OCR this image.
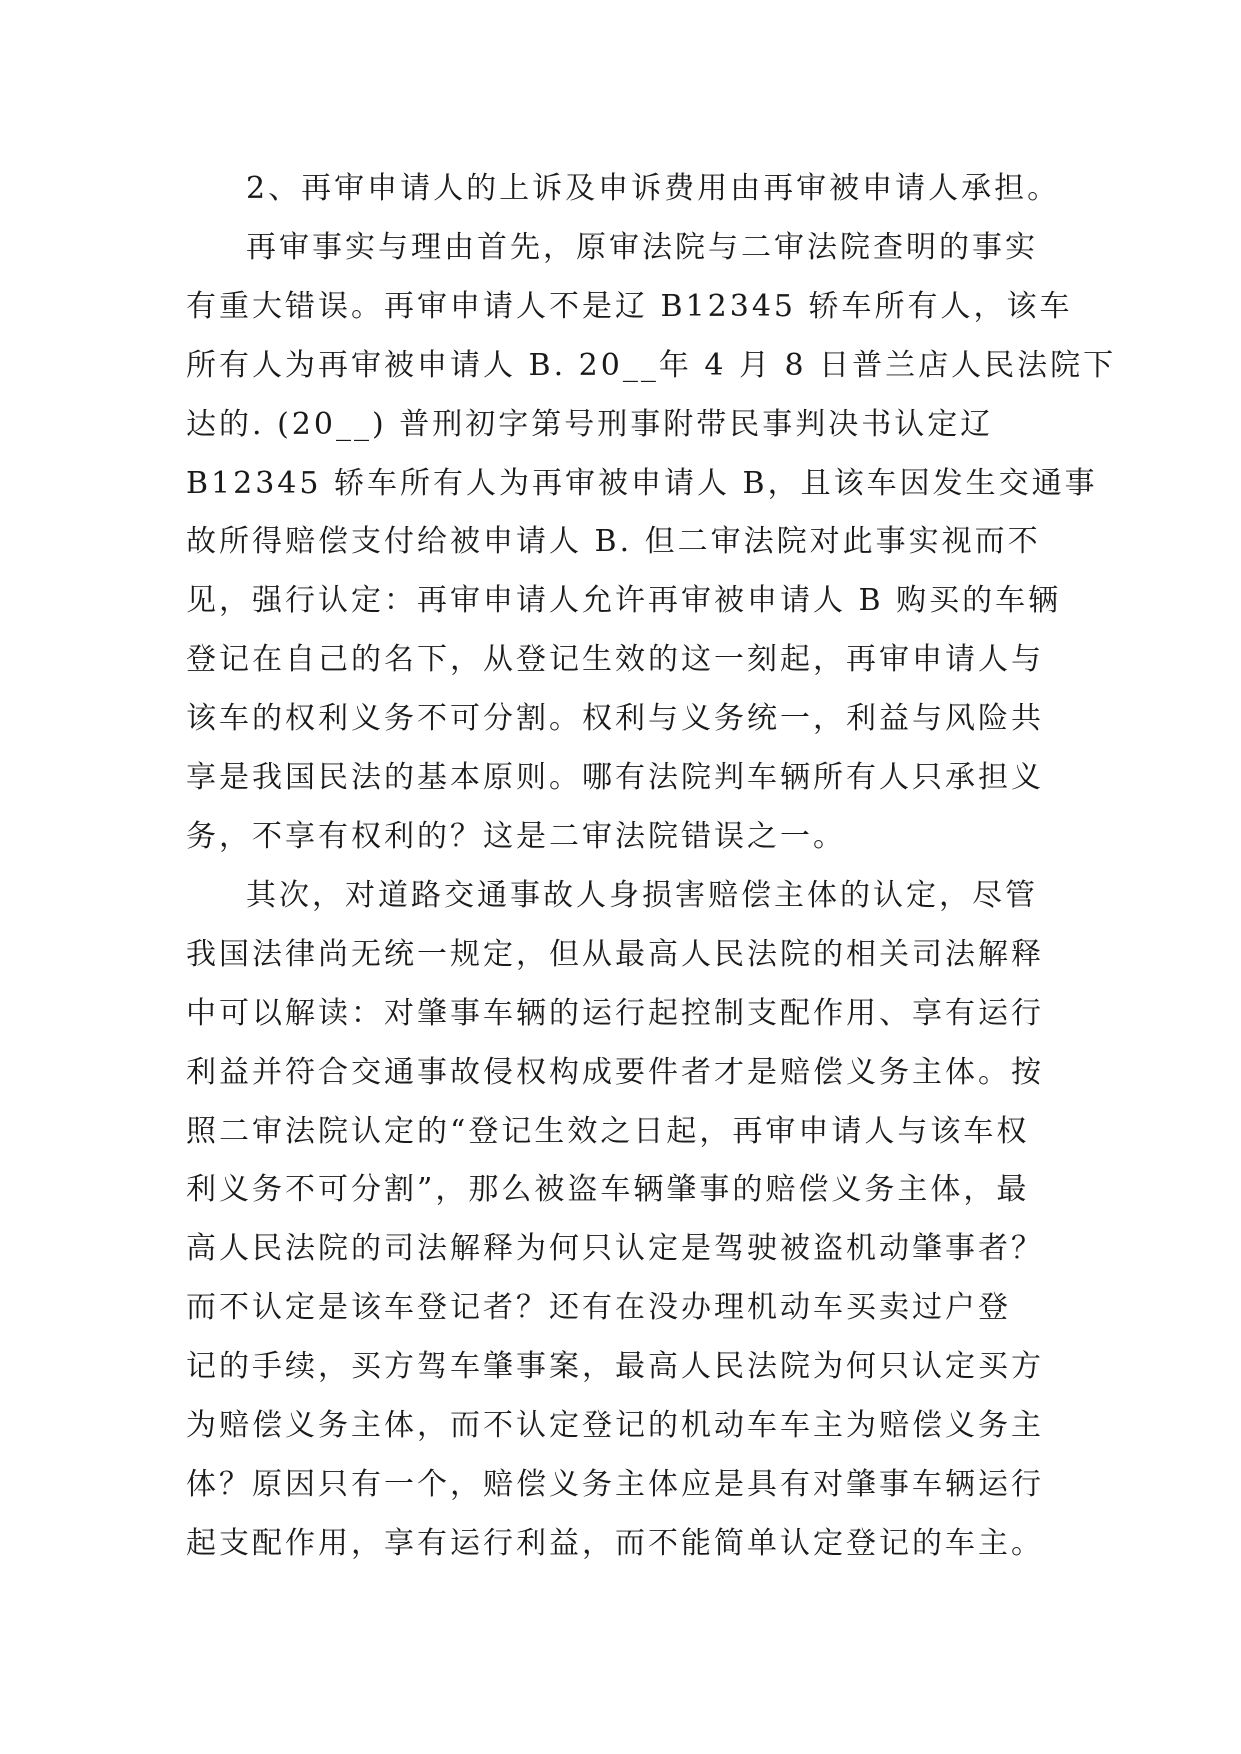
2、再审申请人的上诉及申诉费用由再审被申请人承担。

再审事实与理由首先，原审法院与二审法院查明的事实
有重大错误。再审申请人不是辽 B12345 轿车所有人，该车
所有人为再审被申请人 B. 20__年 4 月 8 日普兰店人民法院下
达的. (20__) 普刑初字第号刑事附带民事判决书认定辽
B12345 轿车所有人为再审被申请人 B，且该车因发生交通事
故所得赔偿支付给被申请人 B. 但二审法院对此事实视而不
见，强行认定：再审申请人允许再审被申请人 B 购买的车辆
登记在自己的名下，从登记生效的这一刻起，再审申请人与
该车的权利义务不可分割。权利与义务统一，利益与风险共
享是我国民法的基本原则。哪有法院判车辆所有人只承担义
务，不享有权利的？这是二审法院错误之一。

其次，对道路交通事故人身损害赔偿主体的认定，尽管
我国法律尚无统一规定，但从最高人民法院的相关司法解释
中可以解读：对肇事车辆的运行起控制支配作用、享有运行
利益并符合交通事故侵权构成要件者才是赔偿义务主体。按
照二审法院认定的“登记生效之日起，再审申请人与该车权
利义务不可分割”，那么被盗车辆肇事的赔偿义务主体，最
高人民法院的司法解释为何只认定是驾驶被盗机动肇事者？
而不认定是该车登记者？还有在没办理机动车买卖过户登
记的手续，买方驾车肇事案，最高人民法院为何只认定买方
为赔偿义务主体，而不认定登记的机动车车主为赔偿义务主
体？原因只有一个，赔偿义务主体应是具有对肇事车辆运行
起支配作用，享有运行利益，而不能简单认定登记的车主。
